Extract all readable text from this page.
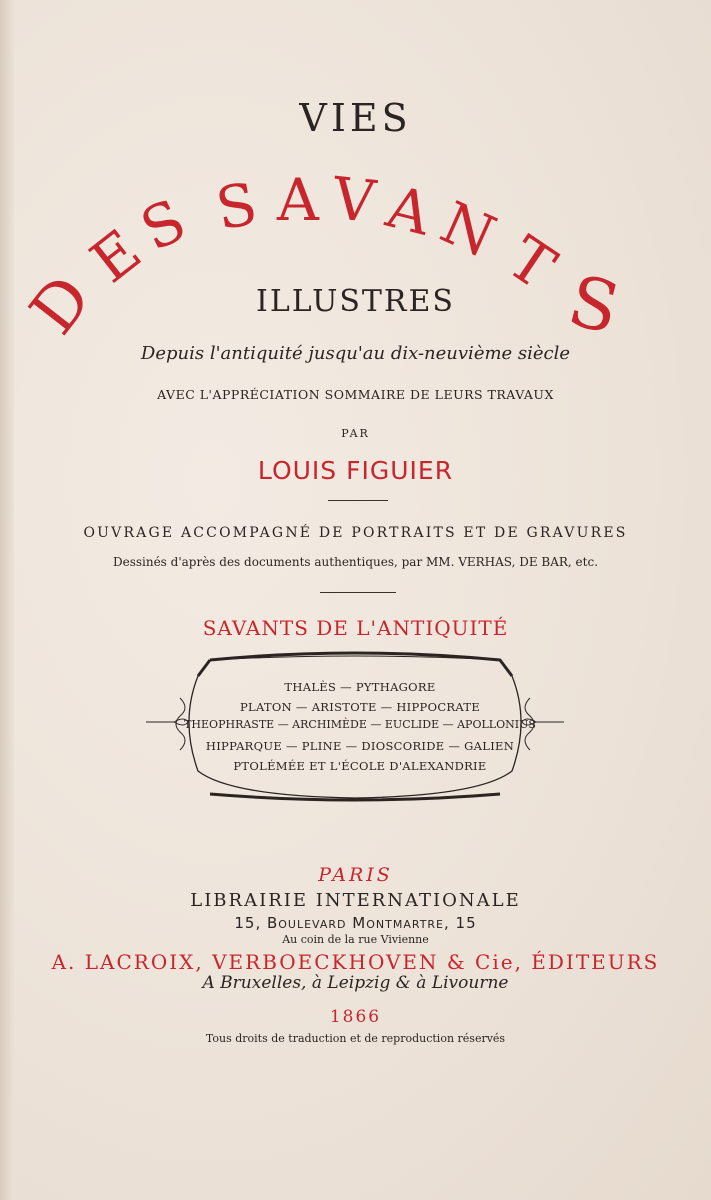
VIES
D
E
S S A V A
N
T
S
ILLUSTRES
Depuis l'antiquité jusqu'au dix-neuvième siècle
AVEC L'APPRÉCIATION SOMMAIRE DE LEURS TRAVAUX
PAR
LOUIS FIGUIER
OUVRAGE ACCOMPAGNÉ DE PORTRAITS ET DE GRAVURES
Dessinés d'après des documents authentiques, par MM. VERHAS, DE BAR, etc.
SAVANTS DE L'ANTIQUITÉ
THALÈS — PYTHAGORE
PLATON — ARISTOTE — HIPPOCRATE
THEOPHRASTE — ARCHIMÈDE — EUCLIDE — APOLLONIUS
HIPPARQUE — PLINE — DIOSCORIDE — GALIEN
PTOLÉMÉE ET L'ÉCOLE D'ALEXANDRIE
PARIS
LIBRAIRIE INTERNATIONALE
15, Boulevard Montmartre, 15
Au coin de la rue Vivienne
A. LACROIX, VERBOECKHOVEN & Cie, ÉDITEURS
A Bruxelles, à Leipzig & à Livourne
1866
Tous droits de traduction et de reproduction réservés
